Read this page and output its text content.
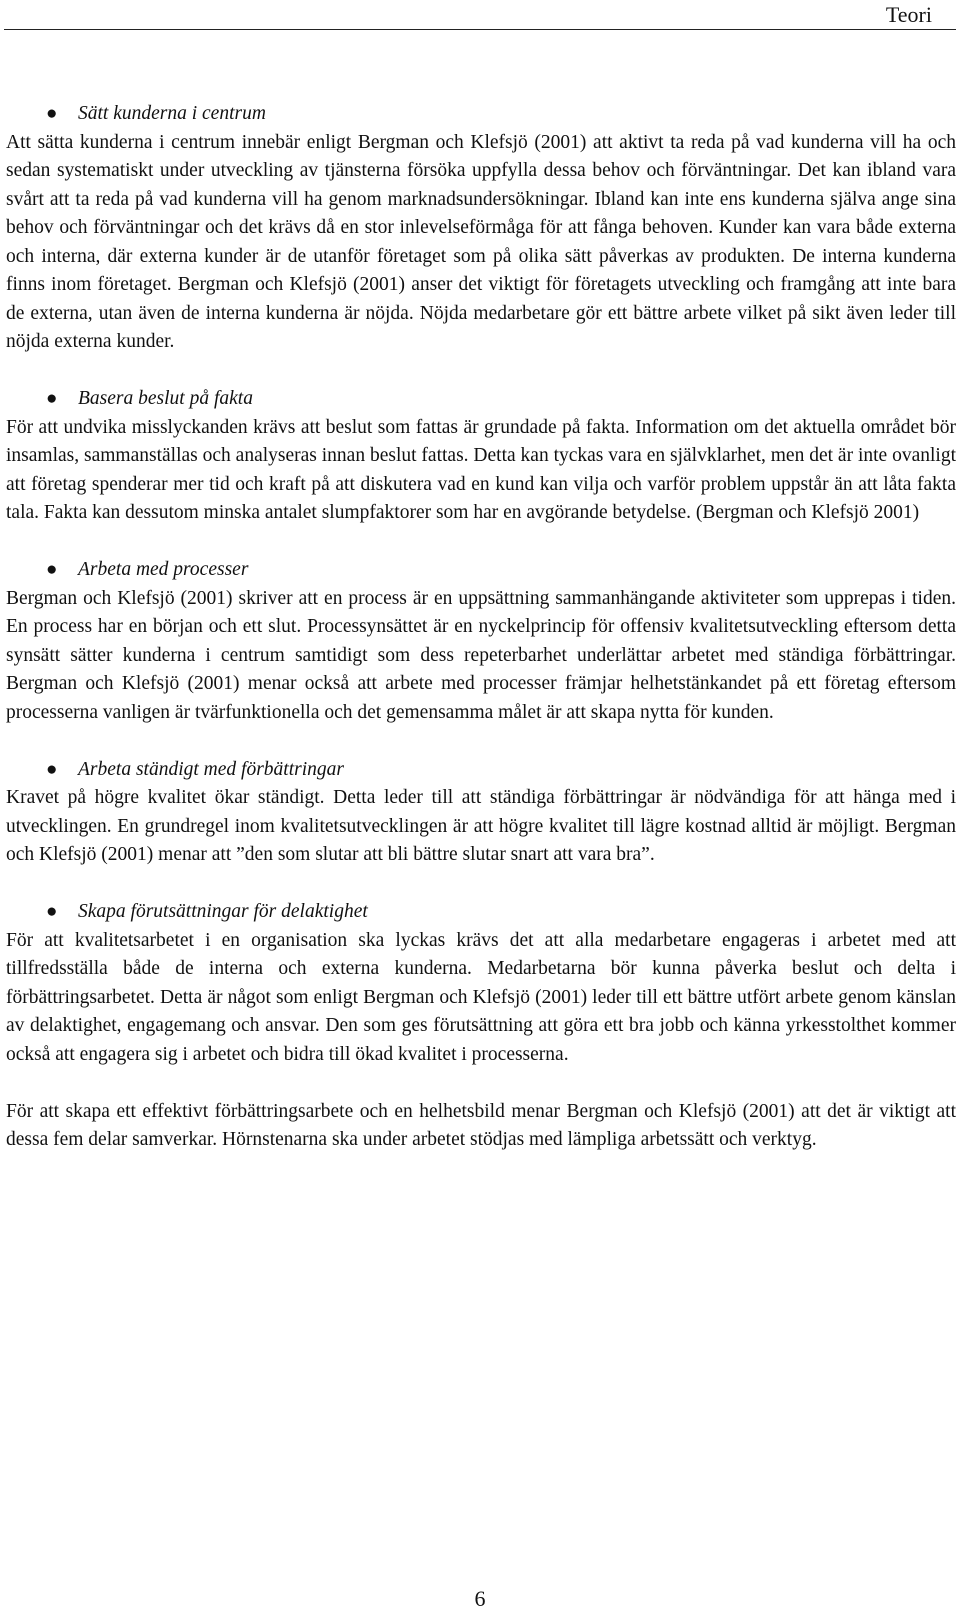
Teori
● Sätt kunderna i centrum

Att sätta kunderna i centrum innebär enligt Bergman och Klefsjö (2001) att aktivt ta reda på vad kunderna vill ha och sedan systematiskt under utveckling av tjänsterna försöka uppfylla dessa behov och förväntningar. Det kan ibland vara svårt att ta reda på vad kunderna vill ha genom marknadsundersökningar. Ibland kan inte ens kunderna själva ange sina behov och förväntningar och det krävs då en stor inlevelseförmåga för att fånga behoven. Kunder kan vara både externa och interna, där externa kunder är de utanför företaget som på olika sätt påverkas av produkten. De interna kunderna finns inom företaget. Bergman och Klefsjö (2001) anser det viktigt för företagets utveckling och framgång att inte bara de externa, utan även de interna kunderna är nöjda. Nöjda medarbetare gör ett bättre arbete vilket på sikt även leder till nöjda externa kunder.

● Basera beslut på fakta

För att undvika misslyckanden krävs att beslut som fattas är grundade på fakta. Information om det aktuella området bör insamlas, sammanställas och analyseras innan beslut fattas. Detta kan tyckas vara en självklarhet, men det är inte ovanligt att företag spenderar mer tid och kraft på att diskutera vad en kund kan vilja och varför problem uppstår än att låta fakta tala. Fakta kan dessutom minska antalet slumpfaktorer som har en avgörande betydelse. (Bergman och Klefsjö 2001)

● Arbeta med processer

Bergman och Klefsjö (2001) skriver att en process är en uppsättning sammanhängande aktiviteter som upprepas i tiden. En process har en början och ett slut. Processynsättet är en nyckelprincip för offensiv kvalitetsutveckling eftersom detta synsätt sätter kunderna i centrum samtidigt som dess repeterbarhet underlättar arbetet med ständiga förbättringar. Bergman och Klefsjö (2001) menar också att arbete med processer främjar helhetstänkandet på ett företag eftersom processerna vanligen är tvärfunktionella och det gemensamma målet är att skapa nytta för kunden.

● Arbeta ständigt med förbättringar

Kravet på högre kvalitet ökar ständigt. Detta leder till att ständiga förbättringar är nödvändiga för att hänga med i utvecklingen. En grundregel inom kvalitetsutvecklingen är att högre kvalitet till lägre kostnad alltid är möjligt. Bergman och Klefsjö (2001) menar att ”den som slutar att bli bättre slutar snart att vara bra”.

● Skapa förutsättningar för delaktighet

För att kvalitetsarbetet i en organisation ska lyckas krävs det att alla medarbetare engageras i arbetet med att tillfredsställa både de interna och externa kunderna. Medarbetarna bör kunna påverka beslut och delta i förbättringsarbetet. Detta är något som enligt Bergman och Klefsjö (2001) leder till ett bättre utfört arbete genom känslan av delaktighet, engagemang och ansvar. Den som ges förutsättning att göra ett bra jobb och känna yrkesstolthet kommer också att engagera sig i arbetet och bidra till ökad kvalitet i processerna.

För att skapa ett effektivt förbättringsarbete och en helhetsbild menar Bergman och Klefsjö (2001) att det är viktigt att dessa fem delar samverkar. Hörnstenarna ska under arbetet stödjas med lämpliga arbetssätt och verktyg.

6
